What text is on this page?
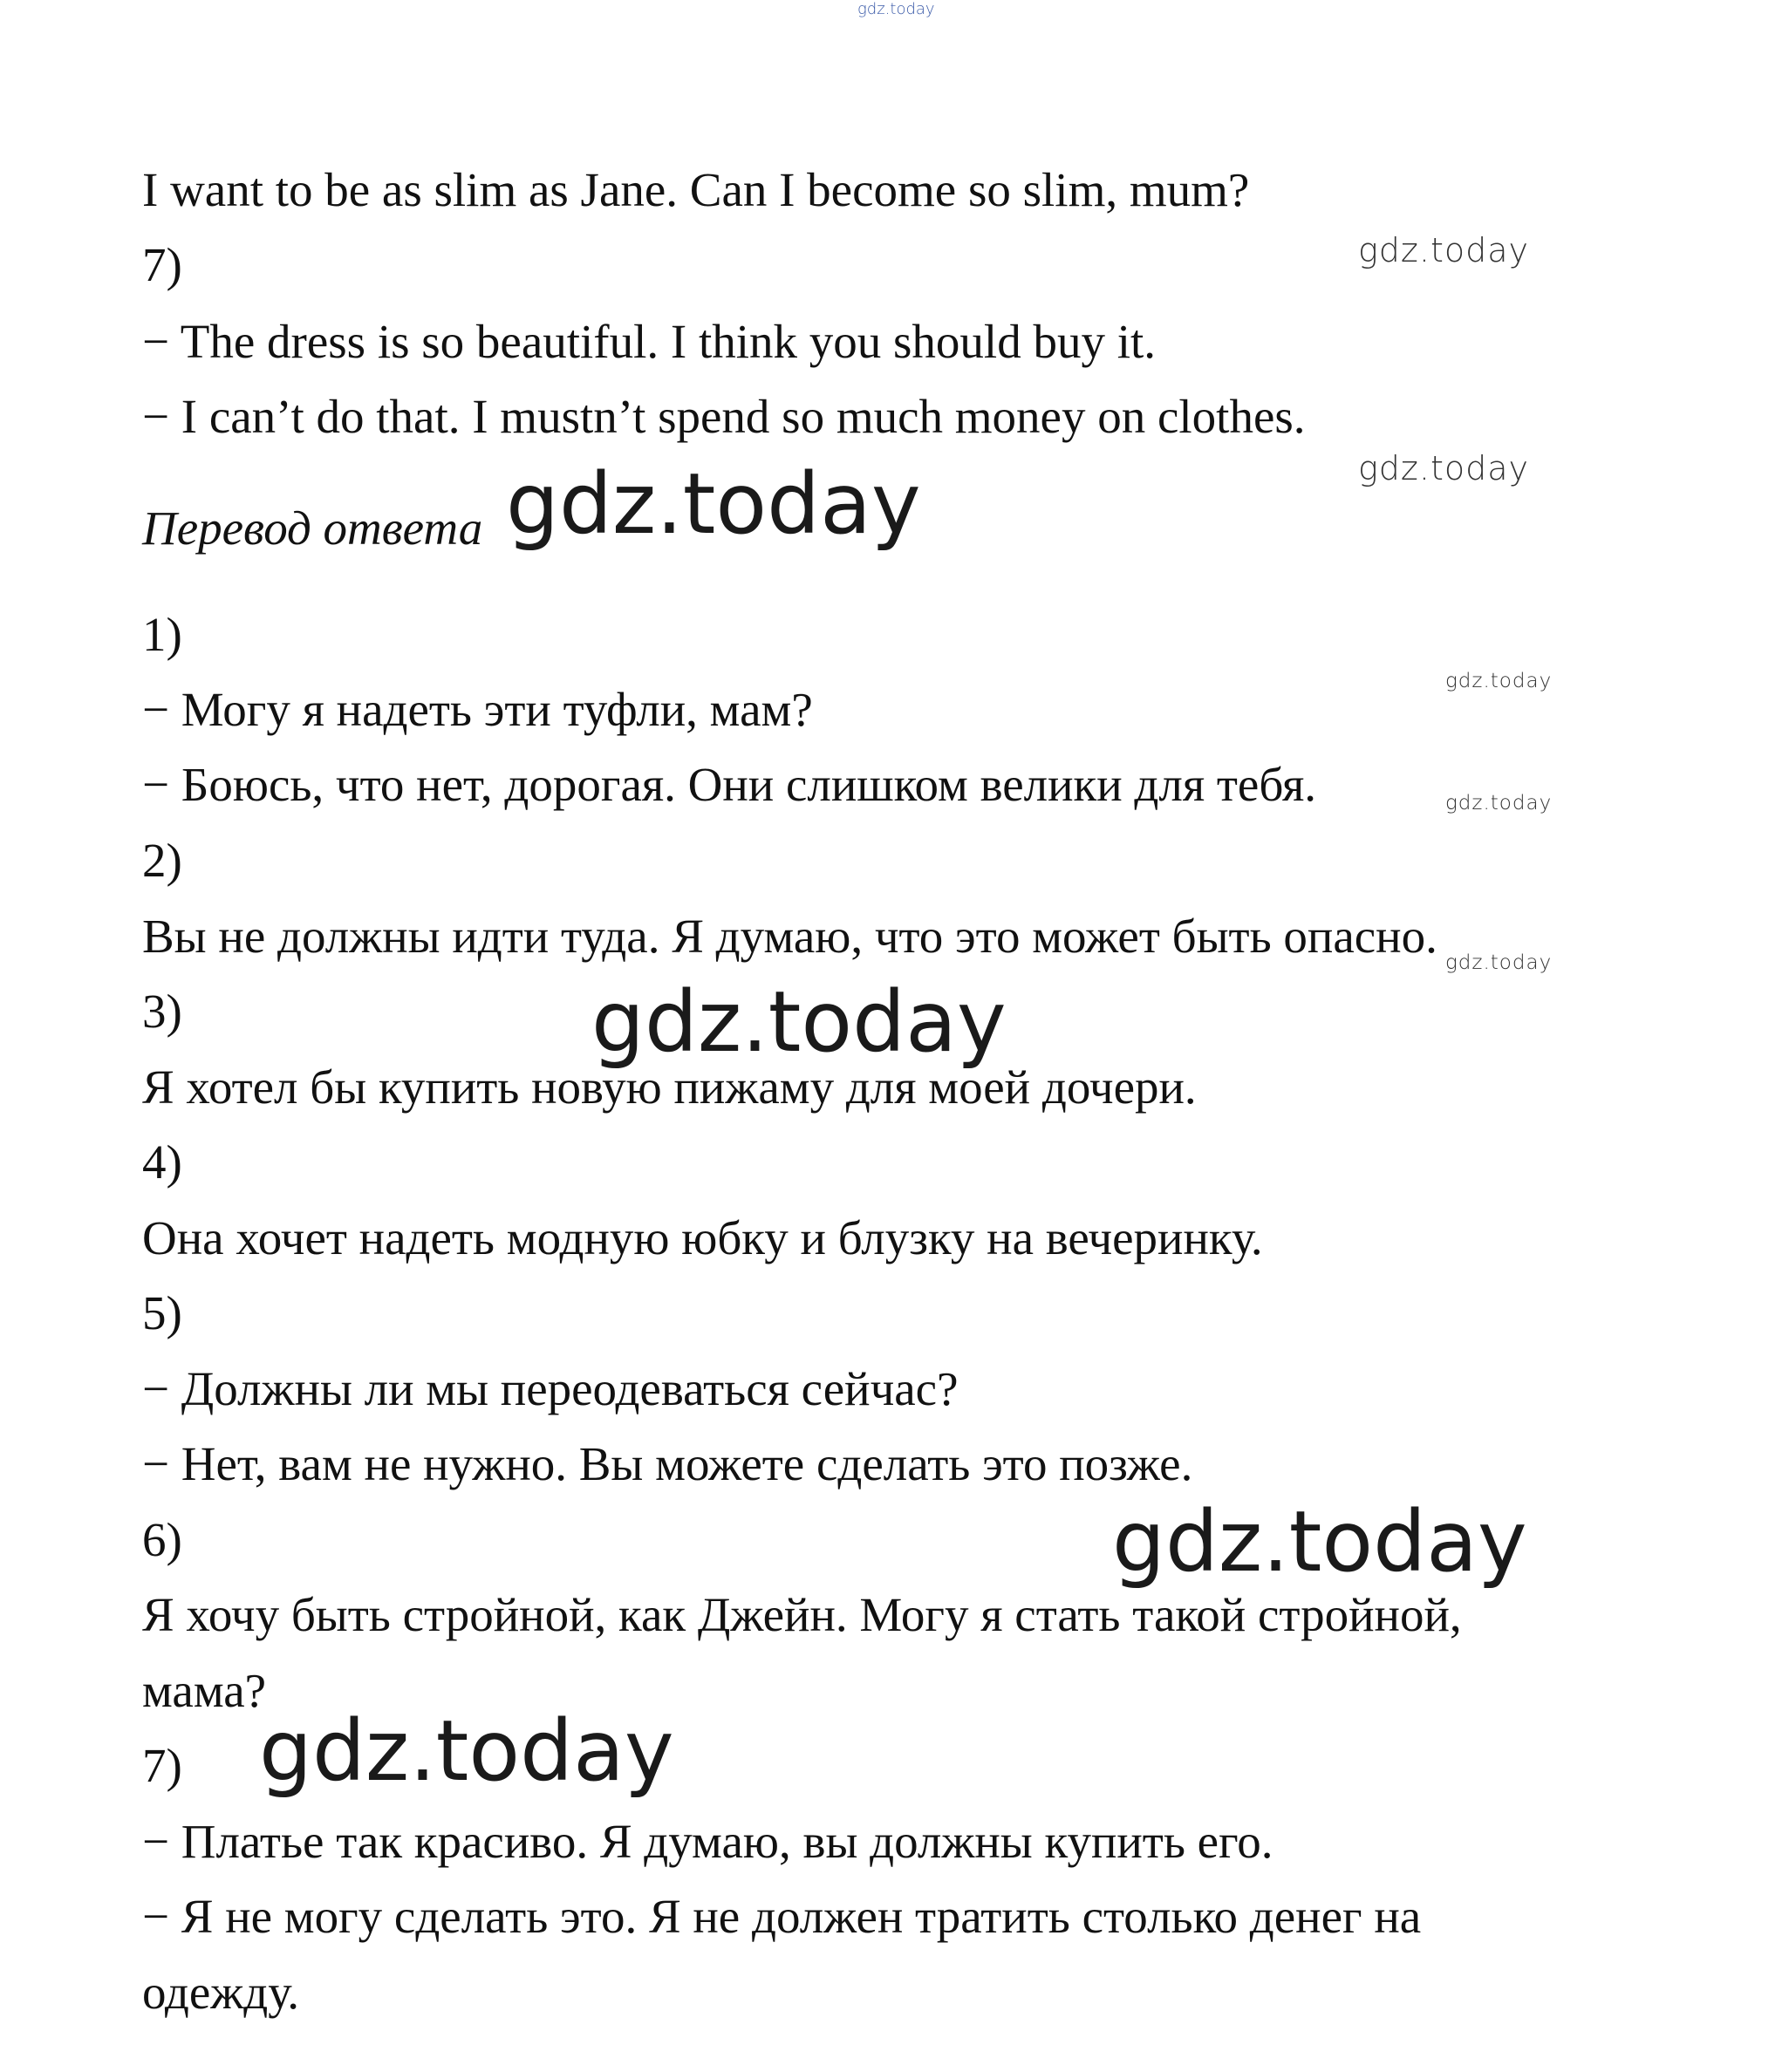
gdz.today
gdz.today
gdz.today
gdz.today
gdz.today
gdz.today
gdz.today
gdz.today
gdz.today
gdz.today
I want to be as slim as Jane. Can I become so slim, mum?
7)
− The dress is so beautiful. I think you should buy it.
− I can’t do that. I mustn’t spend so much money on clothes.
Перевод ответа
1)
− Могу я надеть эти туфли, мам?
− Боюсь, что нет, дорогая. Они слишком велики для тебя.
2)
Вы не должны идти туда. Я думаю, что это может быть опасно.
3)
Я хотел бы купить новую пижаму для моей дочери.
4)
Она хочет надеть модную юбку и блузку на вечеринку.
5)
− Должны ли мы переодеваться сейчас?
− Нет, вам не нужно. Вы можете сделать это позже.
6)
Я хочу быть стройной, как Джейн. Могу я стать такой стройной,
мама?
7)
− Платье так красиво. Я думаю, вы должны купить его.
− Я не могу сделать это. Я не должен тратить столько денег на
одежду.
